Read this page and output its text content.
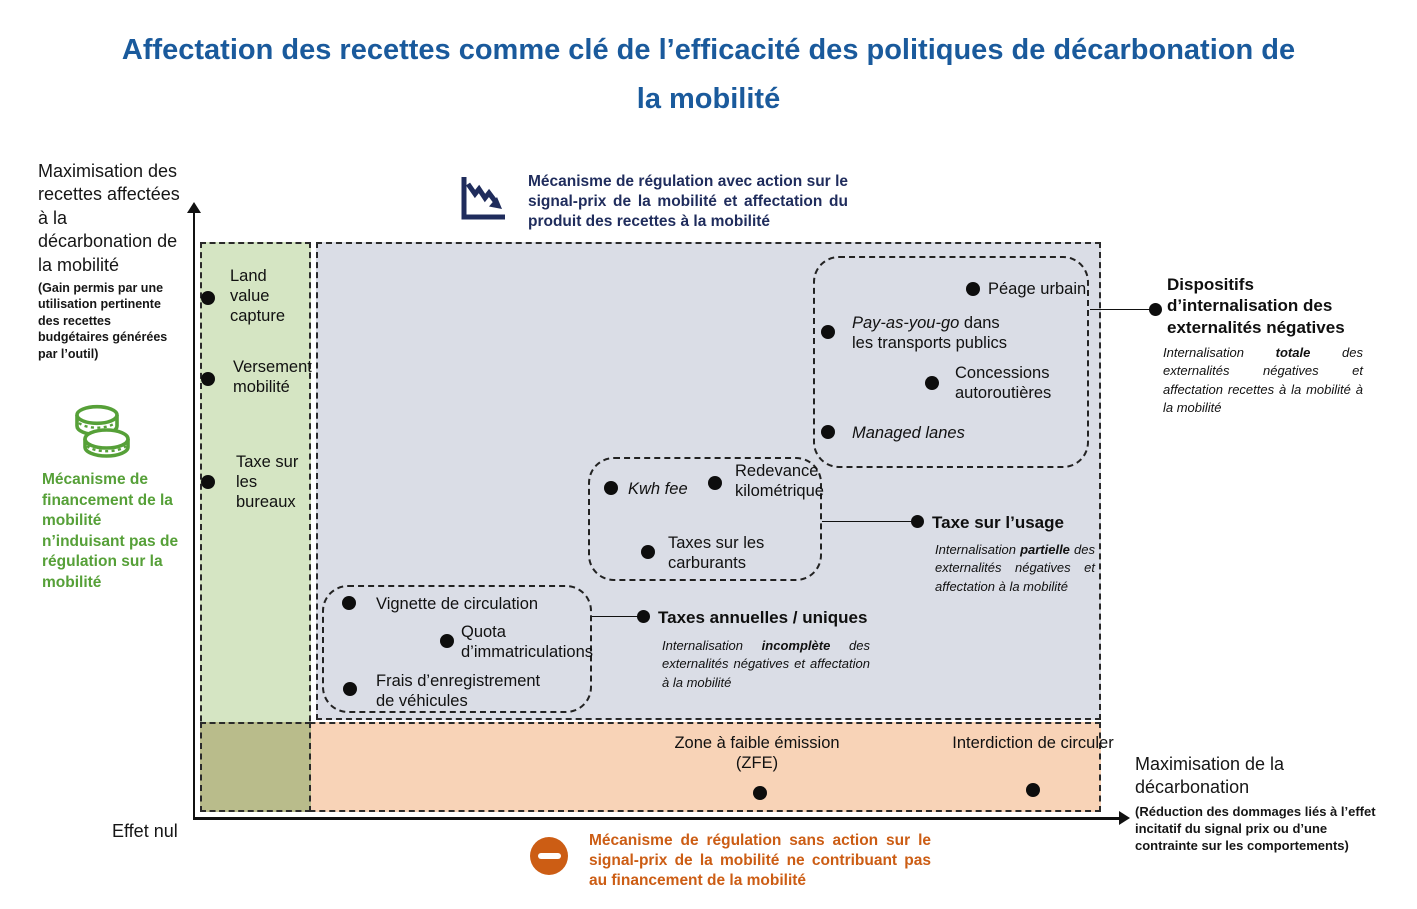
Affectation des recettes comme clé de l’efficacité des politiques de décarbonation de la mobilité
Maximisation des recettes affectées à la décarbonation de la mobilité
(Gain permis par une utilisation pertinente des recettes budgétaires générées par l’outil)
Effet nul
Mécanisme de régulation avec action sur le signal-prix de la mobilité et affectation du produit des recettes à la mobilité
Mécanisme de financement de la mobilité n’induisant pas de régulation sur la mobilité
Land value capture
Versement mobilité
Taxe sur les bureaux
Péage urbain
Pay-as-you-go dans les transports publics
Concessions autoroutières
Managed lanes
Dispositifs d’internalisation des externalités négatives
Internalisation totale des externalités négatives et affectation recettes à la mobilité à la mobilité
Kwh fee
Redevance kilométrique
Taxes sur les carburants
Taxe sur l’usage
Internalisation partielle des externalités négatives et affectation à la mobilité
Vignette de circulation
Quota d’immatriculations
Frais d’enregistrement de véhicules
Taxes annuelles / uniques
Internalisation incomplète des externalités négatives et affectation à la mobilité
Zone à faible émission (ZFE)
Interdiction de circuler
Maximisation de la décarbonation
(Réduction des dommages liés à l’effet incitatif du signal prix ou d’une contrainte sur les comportements)
Mécanisme de régulation sans action sur le signal-prix de la mobilité ne contribuant pas au financement de la mobilité
